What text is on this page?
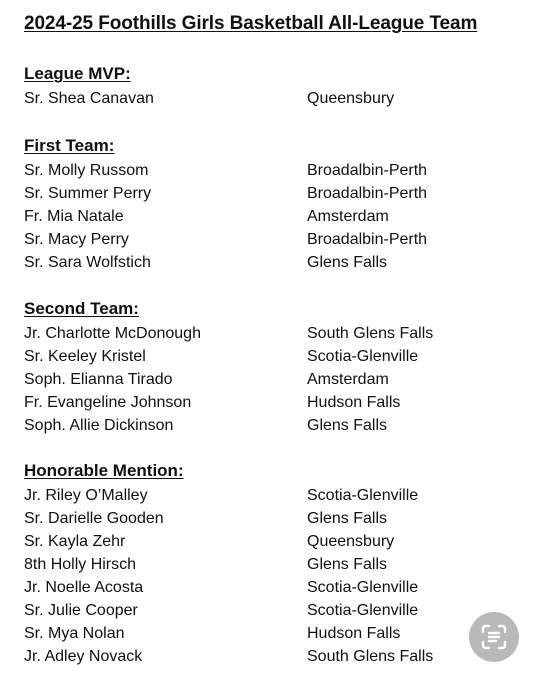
2024-25 Foothills Girls Basketball All-League Team
League MVP:
Sr. Shea Canavan	Queensbury
First Team:
Sr. Molly Russom	Broadalbin-Perth
Sr. Summer Perry	Broadalbin-Perth
Fr. Mia Natale	Amsterdam
Sr. Macy Perry	Broadalbin-Perth
Sr. Sara Wolfstich	Glens Falls
Second Team:
Jr. Charlotte McDonough	South Glens Falls
Sr. Keeley Kristel	Scotia-Glenville
Soph. Elianna Tirado	Amsterdam
Fr. Evangeline Johnson	Hudson Falls
Soph. Allie Dickinson	Glens Falls
Honorable Mention:
Jr. Riley O’Malley	Scotia-Glenville
Sr. Darielle Gooden	Glens Falls
Sr. Kayla Zehr	Queensbury
8th Holly Hirsch	Glens Falls
Jr. Noelle Acosta	Scotia-Glenville
Sr. Julie Cooper	Scotia-Glenville
Sr. Mya Nolan	Hudson Falls
Jr. Adley Novack	South Glens Falls
